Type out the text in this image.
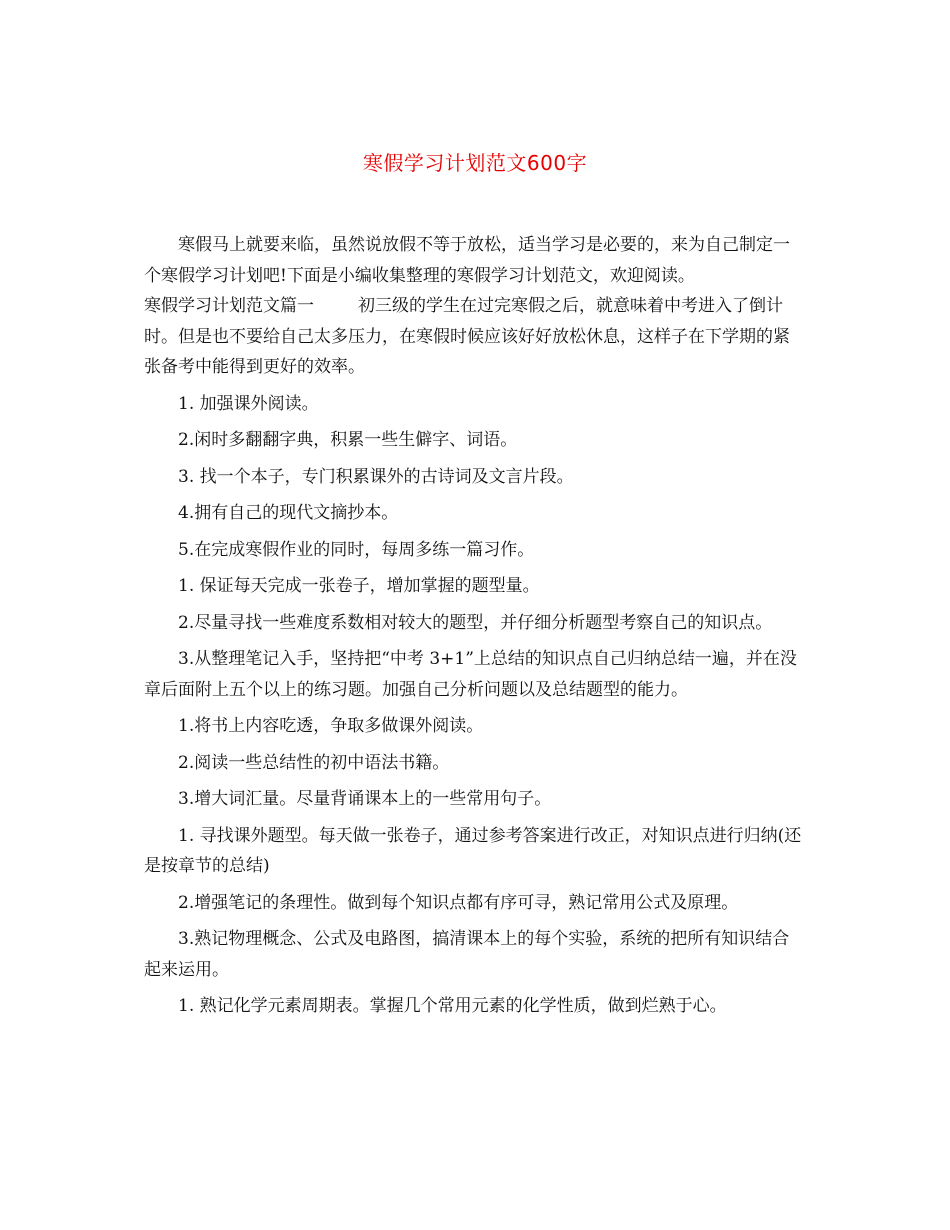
寒假学习计划范文600字

寒假马上就要来临，虽然说放假不等于放松，适当学习是必要的，来为自己制定一个寒假学习计划吧!下面是小编收集整理的寒假学习计划范文，欢迎阅读。

寒假学习计划范文篇一	初三级的学生在过完寒假之后，就意味着中考进入了倒计时。但是也不要给自己太多压力，在寒假时候应该好好放松休息，这样子在下学期的紧张备考中能得到更好的效率。

1. 加强课外阅读。

2.闲时多翻翻字典，积累一些生僻字、词语。

3. 找一个本子，专门积累课外的古诗词及文言片段。

4.拥有自己的现代文摘抄本。

5.在完成寒假作业的同时，每周多练一篇习作。

1. 保证每天完成一张卷子，增加掌握的题型量。

2.尽量寻找一些难度系数相对较大的题型，并仔细分析题型考察自己的知识点。

3.从整理笔记入手，坚持把“中考 3+1”上总结的知识点自己归纳总结一遍，并在没章后面附上五个以上的练习题。加强自己分析问题以及总结题型的能力。

1.将书上内容吃透，争取多做课外阅读。

2.阅读一些总结性的初中语法书籍。

3.增大词汇量。尽量背诵课本上的一些常用句子。

1. 寻找课外题型。每天做一张卷子，通过参考答案进行改正，对知识点进行归纳(还是按章节的总结)

2.增强笔记的条理性。做到每个知识点都有序可寻，熟记常用公式及原理。

3.熟记物理概念、公式及电路图，搞清课本上的每个实验，系统的把所有知识结合起来运用。

1. 熟记化学元素周期表。掌握几个常用元素的化学性质，做到烂熟于心。
